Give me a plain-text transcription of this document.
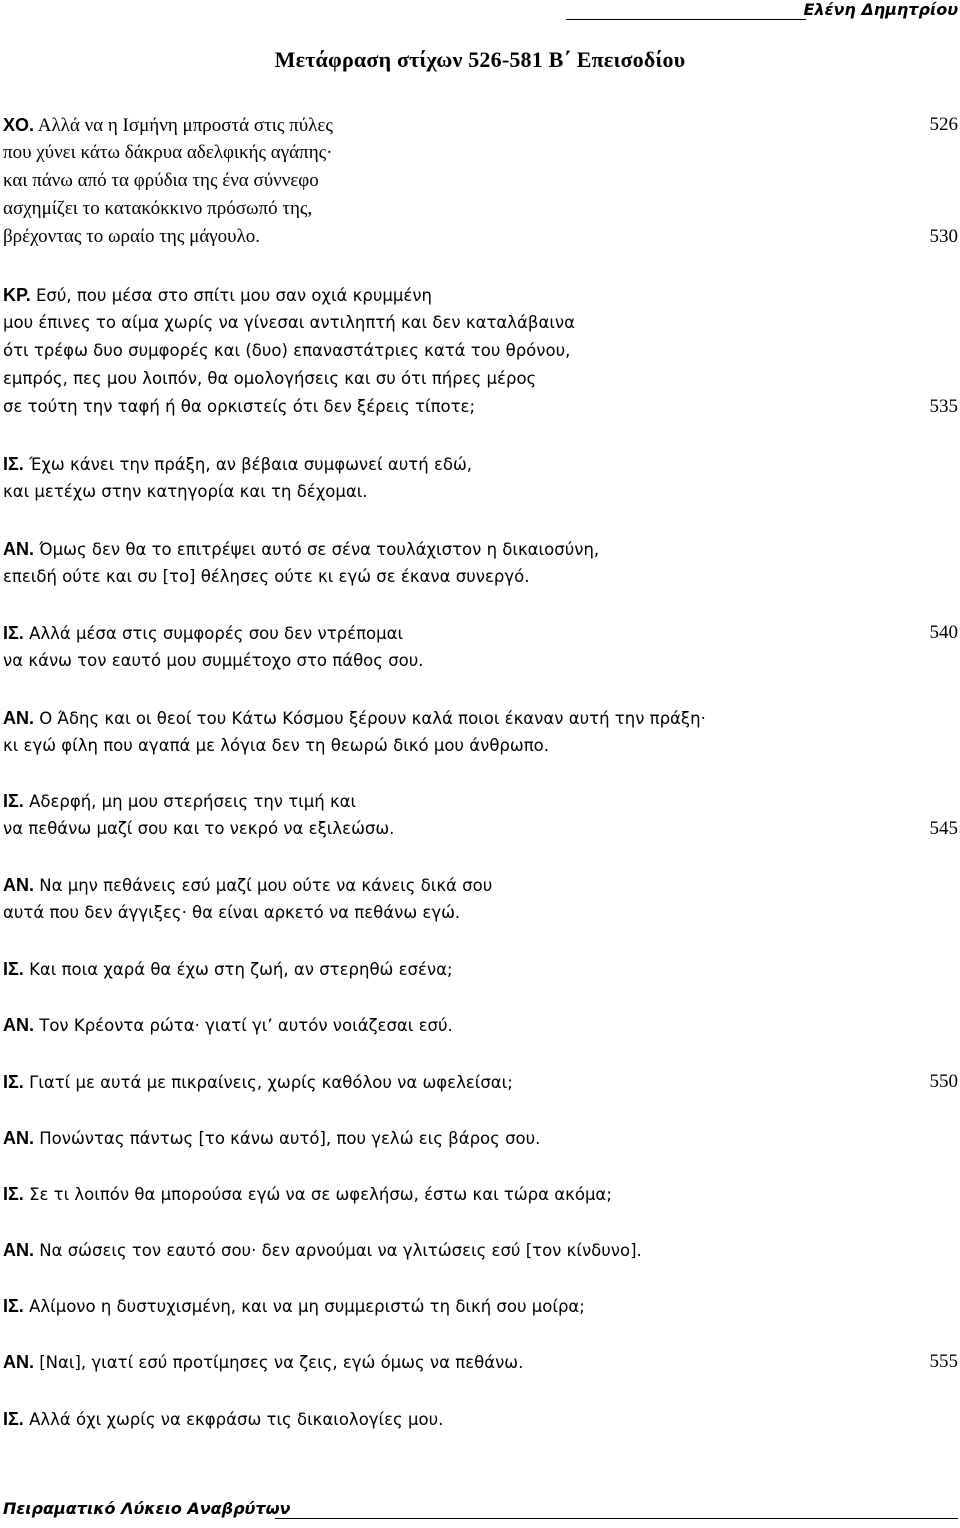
Ελένη Δημητρίου
Μετάφραση στίχων 526-581 Β΄ Επεισοδίου
ΧΟ. Αλλά να η Ισμήνη μπροστά στις πύλες	526
που χύνει κάτω δάκρυα αδελφικής αγάπης·
και πάνω από τα φρύδια της ένα σύννεφο
ασχημίζει το κατακόκκινο πρόσωπό της,
βρέχοντας το ωραίο της μάγουλο.	530
ΚΡ. Εσύ, που μέσα στο σπίτι μου σαν οχιά κρυμμένη
μου έπινες το αίμα χωρίς να γίνεσαι αντιληπτή και δεν καταλάβαινα
ότι τρέφω δυο συμφορές και (δυο) επαναστάτριες κατά του θρόνου,
εμπρός, πες μου λοιπόν, θα ομολογήσεις και συ ότι πήρες μέρος
σε τούτη την ταφή ή θα ορκιστείς ότι δεν ξέρεις τίποτε;	535
ΙΣ. Έχω κάνει την πράξη, αν βέβαια συμφωνεί αυτή εδώ,
και μετέχω στην κατηγορία και τη δέχομαι.
ΑΝ. Όμως δεν θα το επιτρέψει αυτό σε σένα τουλάχιστον η δικαιοσύνη,
επειδή ούτε και συ [το] θέλησες ούτε κι εγώ σε έκανα συνεργό.
ΙΣ. Αλλά μέσα στις συμφορές σου δεν ντρέπομαι	540
να κάνω τον εαυτό μου συμμέτοχο στο πάθος σου.
ΑΝ. Ο Άδης και οι θεοί του Κάτω Κόσμου ξέρουν καλά ποιοι έκαναν αυτή την πράξη·
κι εγώ φίλη που αγαπά με λόγια δεν τη θεωρώ δικό μου άνθρωπο.
ΙΣ. Αδερφή, μη μου στερήσεις την τιμή και
να πεθάνω μαζί σου και το νεκρό να εξιλεώσω.	545
ΑΝ. Να μην πεθάνεις εσύ μαζί μου ούτε να κάνεις δικά σου
αυτά που δεν άγγιξες· θα είναι αρκετό να πεθάνω εγώ.
ΙΣ. Και ποια χαρά θα έχω στη ζωή, αν στερηθώ εσένα;
ΑΝ. Τον Κρέοντα ρώτα· γιατί γι’ αυτόν νοιάζεσαι εσύ.
ΙΣ. Γιατί με αυτά με πικραίνεις, χωρίς καθόλου να ωφελείσαι;	550
ΑΝ. Πονώντας πάντως [το κάνω αυτό], που γελώ εις βάρος σου.
ΙΣ. Σε τι λοιπόν θα μπορούσα εγώ να σε ωφελήσω, έστω και τώρα ακόμα;
ΑΝ. Να σώσεις τον εαυτό σου· δεν αρνούμαι να γλιτώσεις εσύ [τον κίνδυνο].
ΙΣ. Αλίμονο η δυστυχισμένη, και να μη συμμεριστώ τη δική σου μοίρα;
ΑΝ. [Ναι], γιατί εσύ προτίμησες να ζεις, εγώ όμως να πεθάνω.	555
ΙΣ. Αλλά όχι χωρίς να εκφράσω τις δικαιολογίες μου.
Πειραματικό Λύκειο Αναβρύτων
